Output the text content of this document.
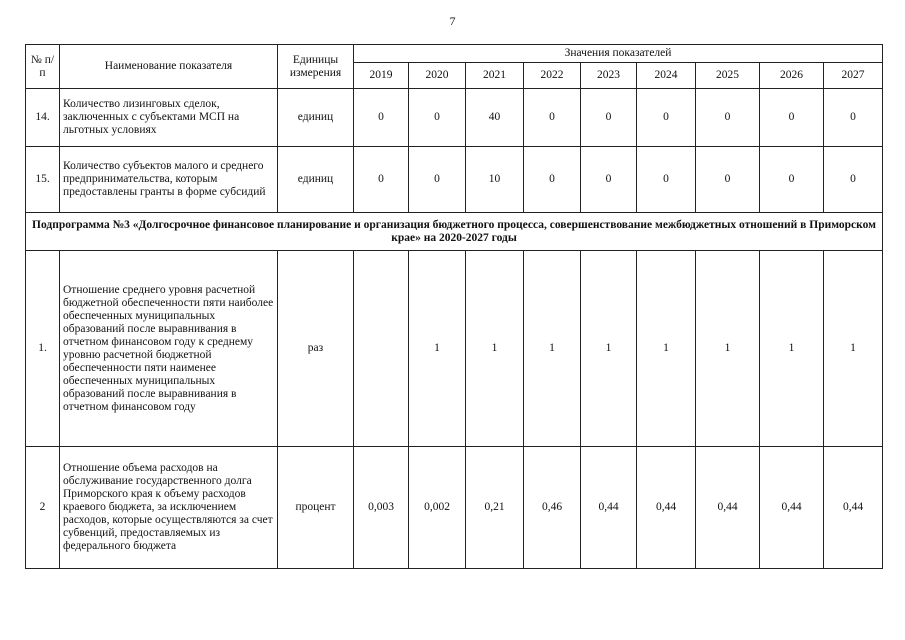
7
№ п/п	Наименование показателя	Единицы измерения	Значения показателей								
			2019	2020	2021	2022	2023	2024	2025	2026	2027
14.	Количество лизинговых сделок, заключенных с субъектами МСП на льготных условиях	единиц	0	0	40	0	0	0	0	0	0
15.	Количество субъектов малого и среднего предпринимательства, которым предоставлены гранты в форме субсидий	единиц	0	0	10	0	0	0	0	0	0
Подпрограмма №3 «Долгосрочное финансовое планирование и организация бюджетного процесса, совершенствование межбюджетных отношений в Приморском крае» на 2020-2027 годы											
1.	Отношение среднего уровня расчетной бюджетной обеспеченности пяти наиболее обеспеченных муниципальных образований после выравнивания в отчетном финансовом году к среднему уровню расчетной бюджетной обеспеченности пяти наименее обеспеченных муниципальных образований после выравнивания в отчетном финансовом году	раз		1	1	1	1	1	1	1	1
2	Отношение объема расходов на обслуживание государственного долга Приморского края к объему расходов краевого бюджета, за исключением расходов, которые осуществляются за счет субвенций, предоставляемых из федерального бюджета	процент	0,003	0,002	0,21	0,46	0,44	0,44	0,44	0,44	0,44
